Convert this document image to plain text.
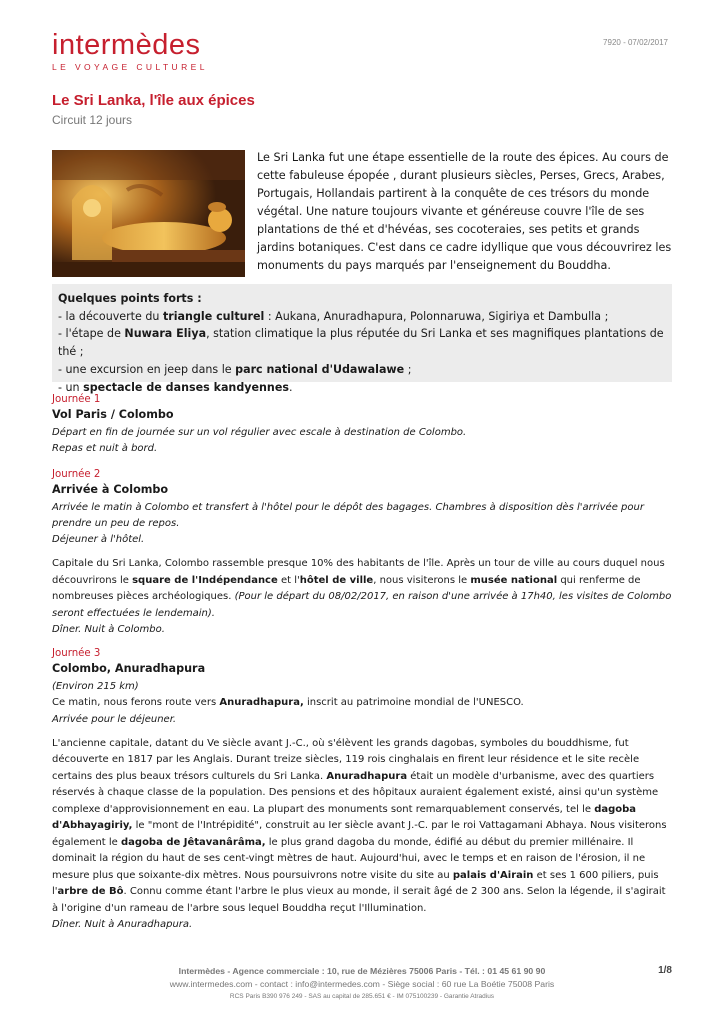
intermèdes
LE VOYAGE CULTUREL
7920 - 07/02/2017
Le Sri Lanka, l'île aux épices
Circuit 12 jours
Le Sri Lanka fut une étape essentielle de la route des épices. Au cours de cette fabuleuse épopée , durant plusieurs siècles, Perses, Grecs, Arabes, Portugais, Hollandais partirent à la conquête de ces trésors du monde végétal. Une nature toujours vivante et généreuse couvre l'île de ses plantations de thé et d'hévéas, ses cocoteraies, ses petits et grands jardins botaniques. C'est dans ce cadre idyllique que vous découvrirez les monuments du pays marqués par l'enseignement du Bouddha.
Quelques points forts :
- la découverte du triangle culturel : Aukana, Anuradhapura, Polonnaruwa, Sigiriya et Dambulla ;
- l'étape de Nuwara Eliya, station climatique la plus réputée du Sri Lanka et ses magnifiques plantations de thé ;
- une excursion en jeep dans le parc national d'Udawalawe ;
- un spectacle de danses kandyennes.
Journée 1
Vol Paris / Colombo
Départ en fin de journée sur un vol régulier avec escale à destination de Colombo.
Repas et nuit à bord.
Journée 2
Arrivée à Colombo
Arrivée le matin à Colombo et transfert à l'hôtel pour le dépôt des bagages. Chambres à disposition dès l'arrivée pour prendre un peu de repos.
Déjeuner à l'hôtel.
Capitale du Sri Lanka, Colombo rassemble presque 10% des habitants de l'île. Après un tour de ville au cours duquel nous découvrirons le square de l'Indépendance et l'hôtel de ville, nous visiterons le musée national qui renferme de nombreuses pièces archéologiques. (Pour le départ du 08/02/2017, en raison d'une arrivée à 17h40, les visites de Colombo seront effectuées le lendemain).
Dîner. Nuit à Colombo.
Journée 3
Colombo, Anuradhapura
(Environ 215 km)
Ce matin, nous ferons route vers Anuradhapura, inscrit au patrimoine mondial de l'UNESCO.
Arrivée pour le déjeuner.
L'ancienne capitale, datant du Ve siècle avant J.-C., où s'élèvent les grands dagobas, symboles du bouddhisme, fut découverte en 1817 par les Anglais. Durant treize siècles, 119 rois cinghalais en firent leur résidence et le site recèle certains des plus beaux trésors culturels du Sri Lanka. Anuradhapura était un modèle d'urbanisme, avec des quartiers réservés à chaque classe de la population. Des pensions et des hôpitaux auraient également existé, ainsi qu'un système complexe d'approvisionnement en eau. La plupart des monuments sont remarquablement conservés, tel le dagoba d'Abhayagiriy, le "mont de l'Intrépidité", construit au Ier siècle avant J.-C. par le roi Vattagamani Abhaya. Nous visiterons également le dagoba de Jêtavanârâma, le plus grand dagoba du monde, édifié au début du premier millénaire. Il dominait la région du haut de ses cent-vingt mètres de haut. Aujourd'hui, avec le temps et en raison de l'érosion, il ne mesure plus que soixante-dix mètres. Nous poursuivrons notre visite du site au palais d'Airain et ses 1 600 piliers, puis l'arbre de Bô. Connu comme étant l'arbre le plus vieux au monde, il serait âgé de 2 300 ans. Selon la légende, il s'agirait à l'origine d'un rameau de l'arbre sous lequel Bouddha reçut l'Illumination.
Dîner. Nuit à Anuradhapura.
Intermèdes - Agence commerciale : 10, rue de Mézières 75006 Paris - Tél. : 01 45 61 90 90
www.intermedes.com - contact : info@intermedes.com - Siège social : 60 rue La Boétie 75008 Paris
RCS Paris B390 976 249 - SAS au capital de 285.651 € - IM 075100239 - Garantie Atradius
1/8
